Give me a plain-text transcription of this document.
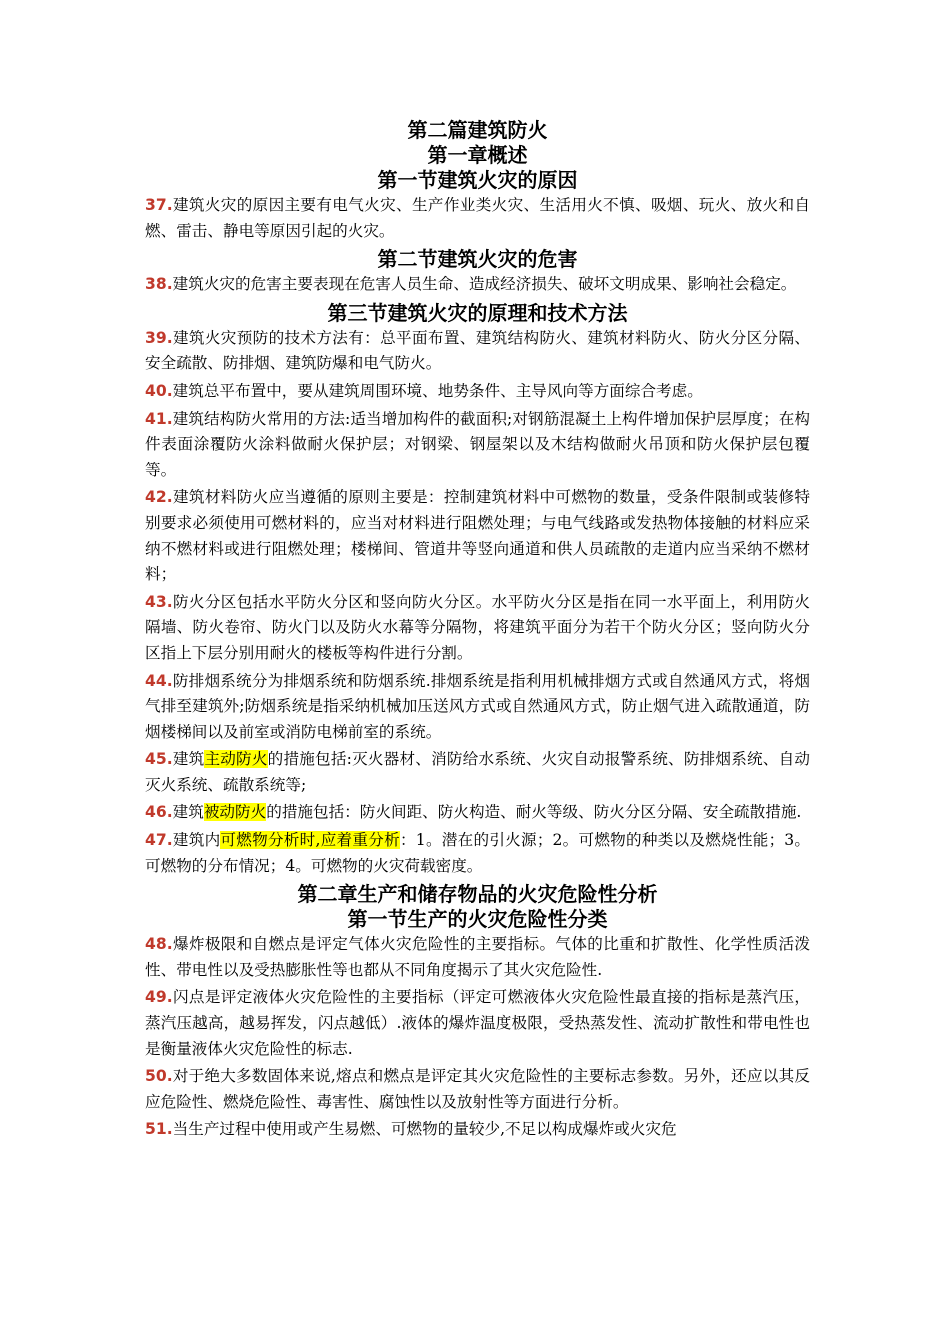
第二篇建筑防火
第一章概述
第一节建筑火灾的原因

37.建筑火灾的原因主要有电气火灾、生产作业类火灾、生活用火不慎、吸烟、玩火、放火和自燃、雷击、静电等原因引起的火灾。

第二节建筑火灾的危害

38.建筑火灾的危害主要表现在危害人员生命、造成经济损失、破坏文明成果、影响社会稳定。

第三节建筑火灾的原理和技术方法

39.建筑火灾预防的技术方法有：总平面布置、建筑结构防火、建筑材料防火、防火分区分隔、安全疏散、防排烟、建筑防爆和电气防火。

40.建筑总平布置中，要从建筑周围环境、地势条件、主导风向等方面综合考虑。

41.建筑结构防火常用的方法:适当增加构件的截面积;对钢筋混凝土上构件增加保护层厚度；在构件表面涂覆防火涂料做耐火保护层；对钢梁、钢屋架以及木结构做耐火吊顶和防火保护层包覆等。

42.建筑材料防火应当遵循的原则主要是：控制建筑材料中可燃物的数量，受条件限制或装修特别要求必须使用可燃材料的，应当对材料进行阻燃处理；与电气线路或发热物体接触的材料应采纳不燃材料或进行阻燃处理；楼梯间、管道井等竖向通道和供人员疏散的走道内应当采纳不燃材料；

43.防火分区包括水平防火分区和竖向防火分区。水平防火分区是指在同一水平面上，利用防火隔墙、防火卷帘、防火门以及防火水幕等分隔物，将建筑平面分为若干个防火分区；竖向防火分区指上下层分别用耐火的楼板等构件进行分割。

44.防排烟系统分为排烟系统和防烟系统.排烟系统是指利用机械排烟方式或自然通风方式，将烟气排至建筑外;防烟系统是指采纳机械加压送风方式或自然通风方式，防止烟气进入疏散通道，防烟楼梯间以及前室或消防电梯前室的系统。

45.建筑主动防火的措施包括:灭火器材、消防给水系统、火灾自动报警系统、防排烟系统、自动灭火系统、疏散系统等;

46.建筑被动防火的措施包括：防火间距、防火构造、耐火等级、防火分区分隔、安全疏散措施.

47.建筑内可燃物分析时,应着重分析：1。潜在的引火源；2。可燃物的种类以及燃烧性能；3。可燃物的分布情况；4。可燃物的火灾荷载密度。

第二章生产和储存物品的火灾危险性分析
第一节生产的火灾危险性分类

48.爆炸极限和自燃点是评定气体火灾危险性的主要指标。气体的比重和扩散性、化学性质活泼性、带电性以及受热膨胀性等也都从不同角度揭示了其火灾危险性.

49.闪点是评定液体火灾危险性的主要指标（评定可燃液体火灾危险性最直接的指标是蒸汽压，蒸汽压越高，越易挥发，闪点越低）.液体的爆炸温度极限，受热蒸发性、流动扩散性和带电性也是衡量液体火灾危险性的标志.

50.对于绝大多数固体来说,熔点和燃点是评定其火灾危险性的主要标志参数。另外，还应以其反应危险性、燃烧危险性、毒害性、腐蚀性以及放射性等方面进行分析。

51.当生产过程中使用或产生易燃、可燃物的量较少,不足以构成爆炸或火灾危
